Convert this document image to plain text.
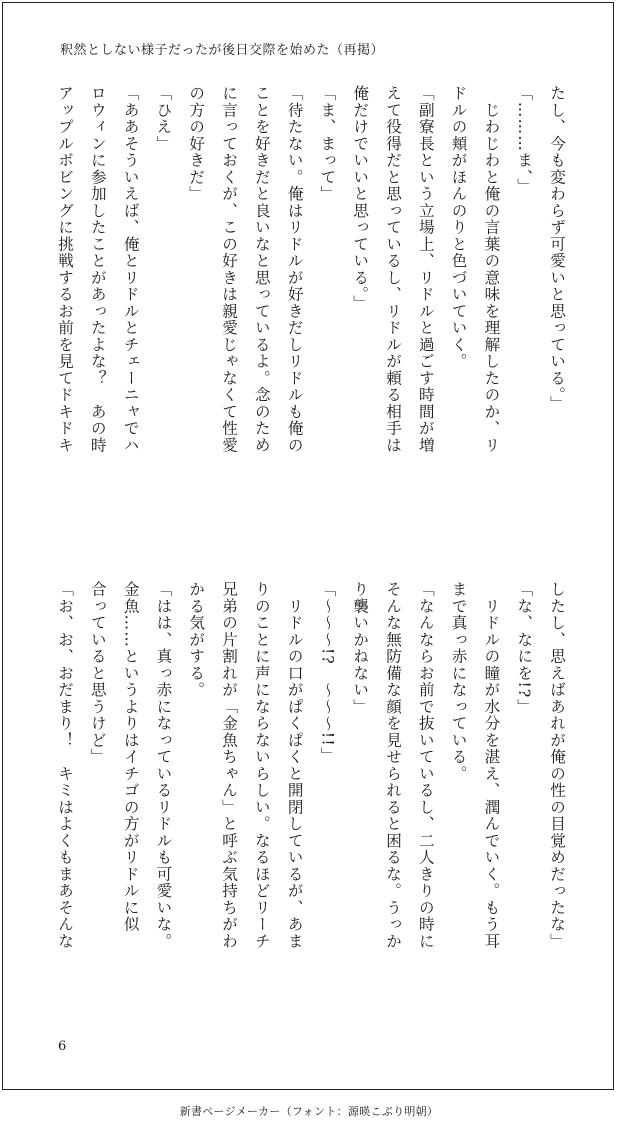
釈然としない様子だったが後日交際を始めた（再掲）
たし、今も変わらず可愛いと思っている。」
「………ま、」
　じわじわと俺の言葉の意味を理解したのか、リ
ドルの頬がほんのりと色づいていく。
「副寮長という立場上、リドルと過ごす時間が増
えて役得だと思っているし、リドルが頼る相手は
俺だけでいいと思っている。」
「ま、まって」
「待たない。俺はリドルが好きだしリドルも俺の
ことを好きだと良いなと思っているよ。念のため
に言っておくが、この好きは親愛じゃなくて性愛
の方の好きだ」
「ひえ」
「ああそういえば、俺とリドルとチェーニャでハ
ロウィンに参加したことがあったよな？　あの時
アップルボビングに挑戦するお前を見てドキドキ
したし、思えばあれが俺の性の目覚めだったな」
「な、なにを!?」
　リドルの瞳が水分を湛え、潤んでいく。もう耳
まで真っ赤になっている。
「なんならお前で抜いているし、二人きりの時に
そんな無防備な顔を見せられると困るな。うっか
り襲いかねない」
「〜〜〜!?　〜〜〜!!」
　リドルの口がぱくぱくと開閉しているが、あま
りのことに声にならないらしい。なるほどリーチ
兄弟の片割れが「金魚ちゃん」と呼ぶ気持ちがわ
かる気がする。
「はは、真っ赤になっているリドルも可愛いな。
金魚……というよりはイチゴの方がリドルに似
合っていると思うけど」
「お、お、おだまり！　キミはよくもまあそんな
6
新書ページメーカー（フォント：源暎こぶり明朝）
